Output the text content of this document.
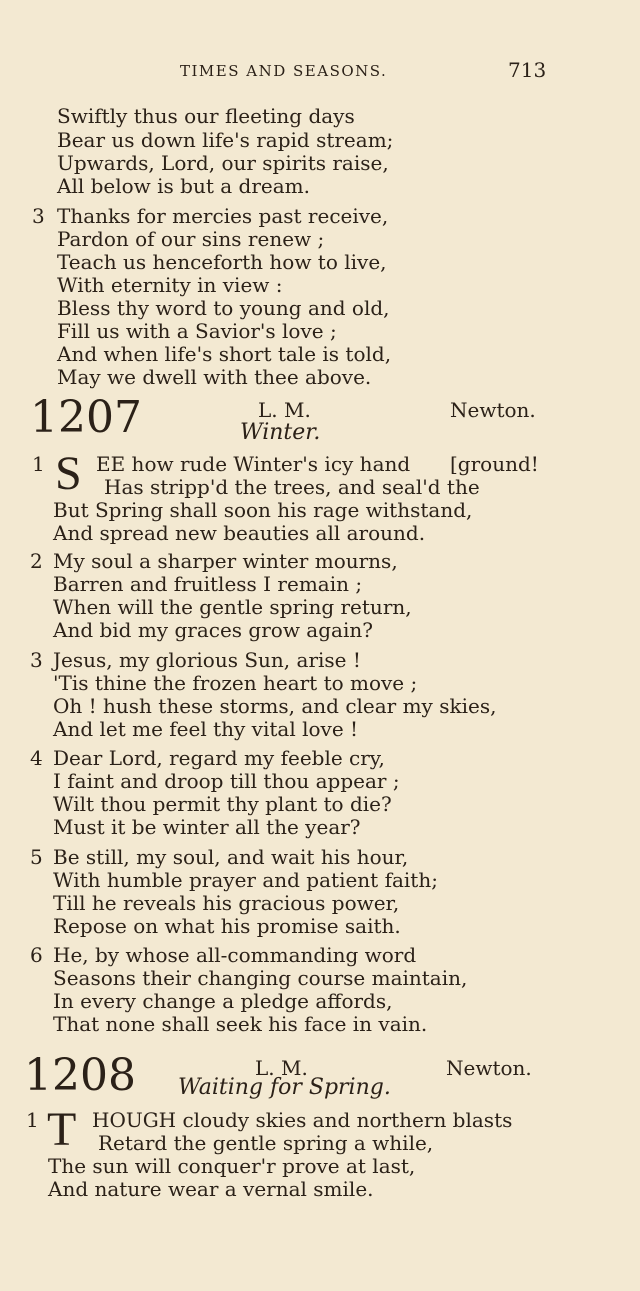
TIMES AND SEASONS.	713
Swiftly thus our fleeting days
Bear us down life's rapid stream;
Upwards, Lord, our spirits raise,
All below is but a dream.
3 Thanks for mercies past receive,
Pardon of our sins renew ;
Teach us henceforth how to live,
With eternity in view :
Bless thy word to young and old,
Fill us with a Savior's love ;
And when life's short tale is told,
May we dwell with thee above.
1207	L. M.	Newton.
Winter.
1 S EE how rude Winter's icy hand [ground!
Has stripp'd the trees, and seal'd the
But Spring shall soon his rage withstand,
And spread new beauties all around.
2 My soul a sharper winter mourns,
Barren and fruitless I remain ;
When will the gentle spring return,
And bid my graces grow again?
3 Jesus, my glorious Sun, arise !
'Tis thine the frozen heart to move ;
Oh ! hush these storms, and clear my skies,
And let me feel thy vital love !
4 Dear Lord, regard my feeble cry,
I faint and droop till thou appear ;
Wilt thou permit thy plant to die?
Must it be winter all the year?
5 Be still, my soul, and wait his hour,
With humble prayer and patient faith;
Till he reveals his gracious power,
Repose on what his promise saith.
6 He, by whose all-commanding word
Seasons their changing course maintain,
In every change a pledge affords,
That none shall seek his face in vain.
1208	L. M.	Newton.
Waiting for Spring.
1 T HOUGH cloudy skies and northern blasts
Retard the gentle spring a while,
The sun will conquer'r prove at last,
And nature wear a vernal smile.
